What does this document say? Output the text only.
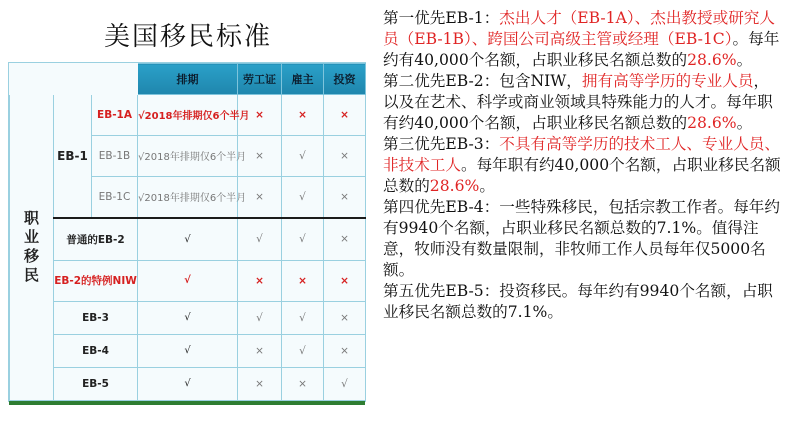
美国移民标准
			排期	劳工证	雇主	投资
职业移民	EB-1	EB-1A	√2018年排期仅6个半月	×	×	×
		EB-1B	√2018年排期仅6个半月	×	√	×
		EB-1C	√2018年排期仅6个半月	×	√	×
	普通的EB-2		√	√	√	×
	EB-2的特例NIW		√	×	×	×
	EB-3		√	√	√	×
	EB-4		√	×	√	×
	EB-5		√	×	×	√

第一优先EB-1：杰出人才（EB-1A）、杰出教授或研究人员（EB-1B）、跨国公司高级主管或经理（EB-1C）。每年约有40,000个名额，占职业移民名额总数的28.6%。

第二优先EB-2：包含NIW，拥有高等学历的专业人员，以及在艺术、科学或商业领域具特殊能力的人才。每年职有约40,000个名额，占职业移民名额总数的28.6%。

第三优先EB-3：不具有高等学历的技术工人、专业人员、非技术工人。每年职有约40,000个名额，占职业移民名额总数的28.6%。

第四优先EB-4：一些特殊移民，包括宗教工作者。每年约有9940个名额，占职业移民名额总数的7.1%。值得注意，牧师没有数量限制，非牧师工作人员每年仅5000名额。

第五优先EB-5：投资移民。每年约有9940个名额，占职业移民名额总数的7.1%。
